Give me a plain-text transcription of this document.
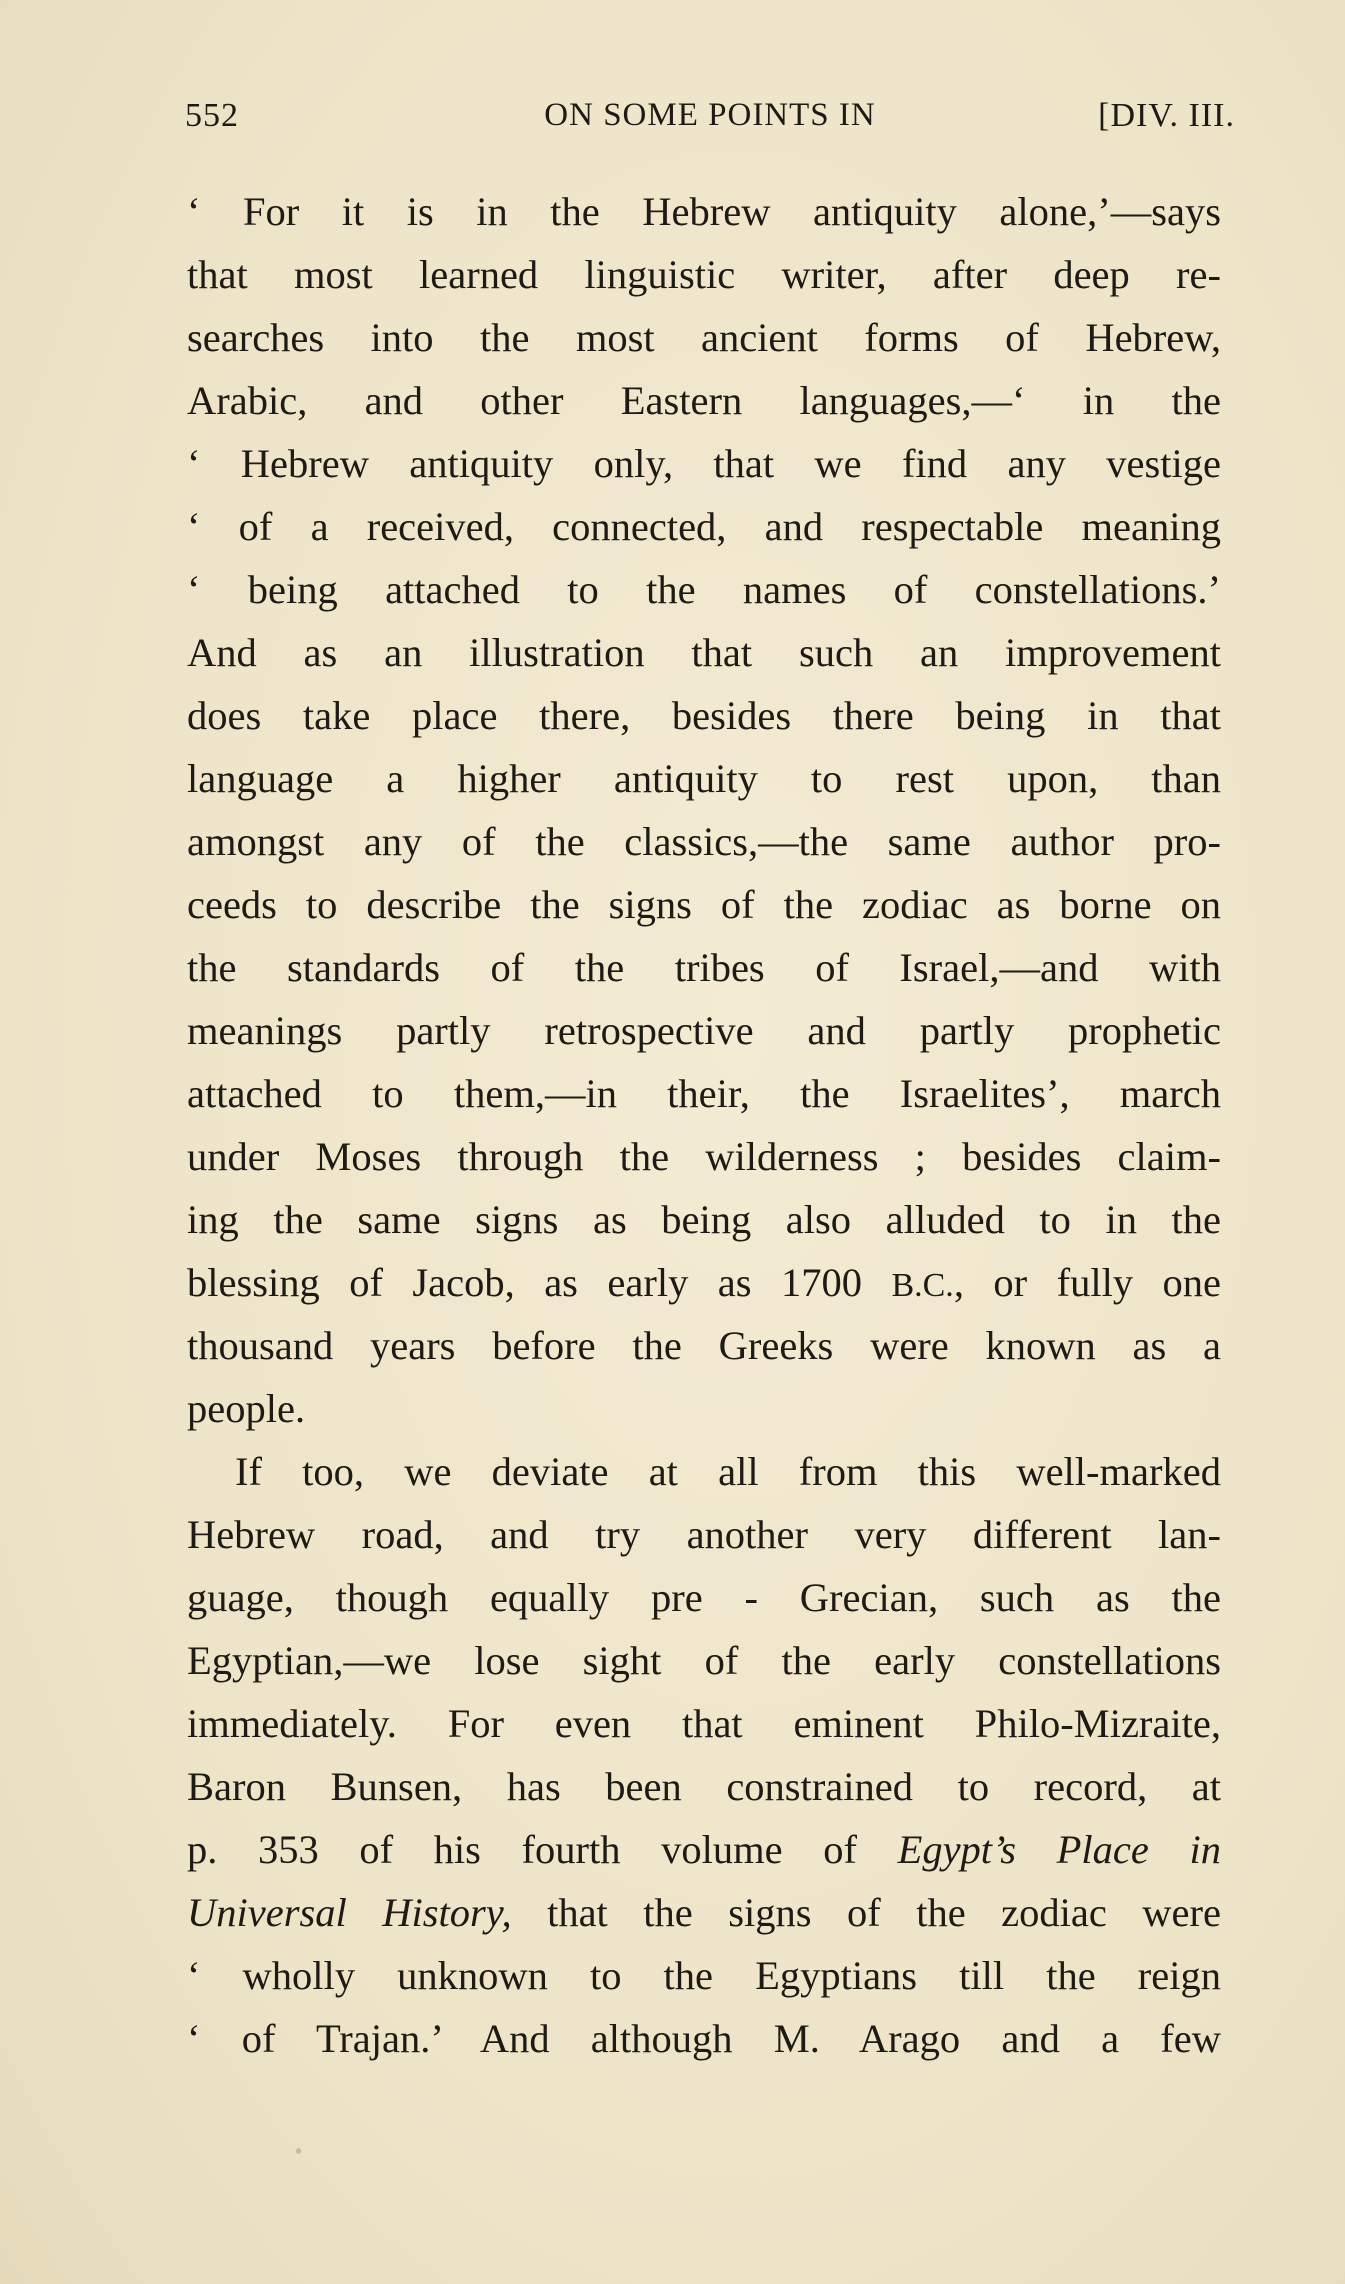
552	ON SOME POINTS IN	[DIV. III.
‘ For it is in the Hebrew antiquity alone,’—says
that most learned linguistic writer, after deep re-
searches into the most ancient forms of Hebrew,
Arabic, and other Eastern languages,—‘ in the
‘ Hebrew antiquity only, that we find any vestige
‘ of a received, connected, and respectable meaning
‘ being attached to the names of constellations.’
And as an illustration that such an improvement
does take place there, besides there being in that
language a higher antiquity to rest upon, than
amongst any of the classics,—the same author pro-
ceeds to describe the signs of the zodiac as borne on
the standards of the tribes of Israel,—and with
meanings partly retrospective and partly prophetic
attached to them,—in their, the Israelites’, march
under Moses through the wilderness ; besides claim-
ing the same signs as being also alluded to in the
blessing of Jacob, as early as 1700 B.C., or fully one
thousand years before the Greeks were known as a
people.
If too, we deviate at all from this well-marked
Hebrew road, and try another very different lan-
guage, though equally pre - Grecian, such as the
Egyptian,—we lose sight of the early constellations
immediately. For even that eminent Philo-Mizraite,
Baron Bunsen, has been constrained to record, at
p. 353 of his fourth volume of Egypt’s Place in
Universal History, that the signs of the zodiac were
‘ wholly unknown to the Egyptians till the reign
‘ of Trajan.’ And although M. Arago and a few
